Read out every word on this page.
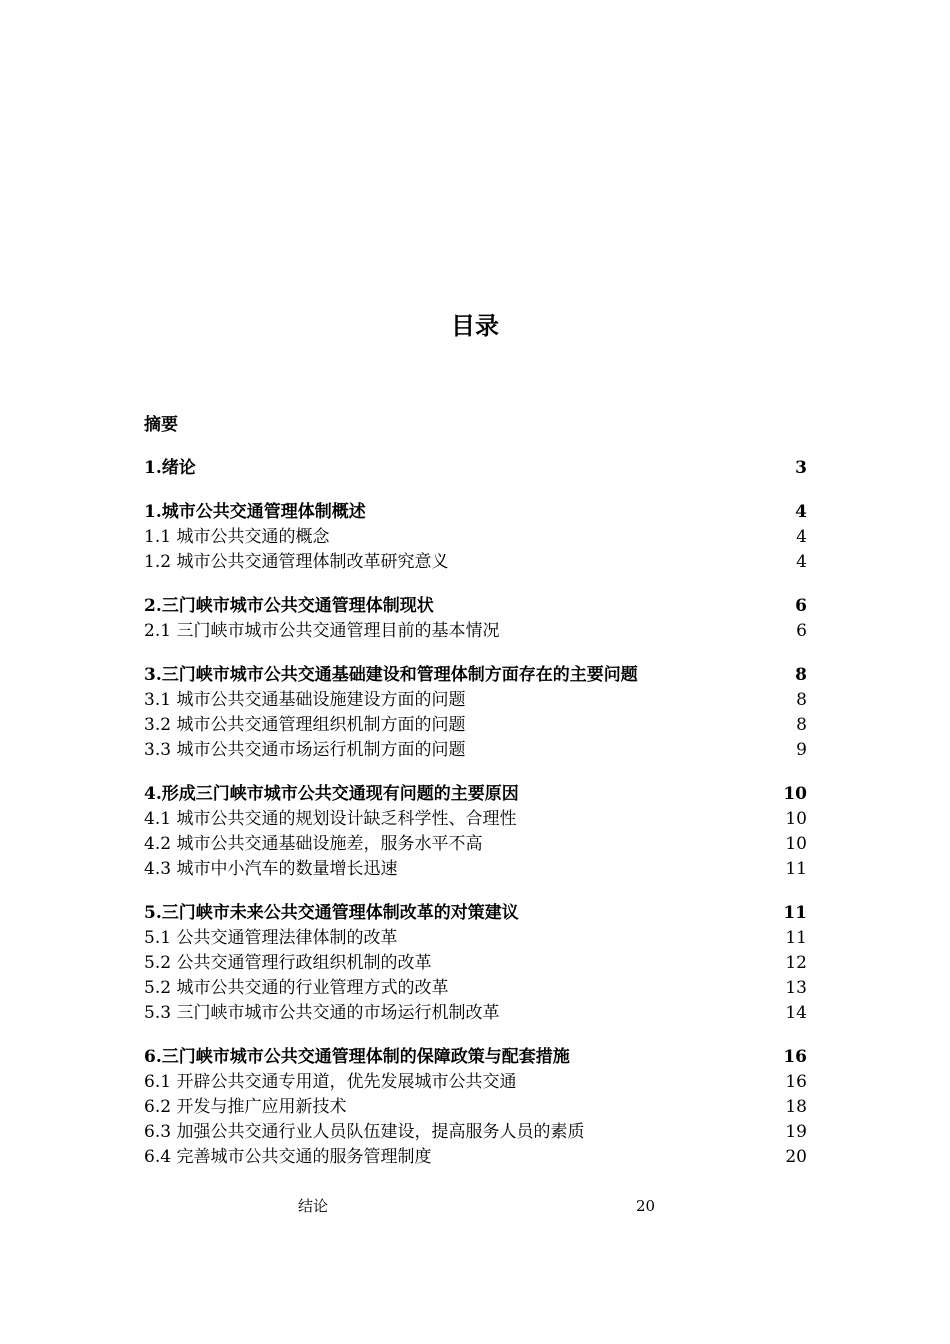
目录
摘要
1.绪论	3
1.城市公共交通管理体制概述	4
1.1 城市公共交通的概念	4
1.2 城市公共交通管理体制改革研究意义	4
2.三门峡市城市公共交通管理体制现状	6
2.1 三门峡市城市公共交通管理目前的基本情况	6
3.三门峡市城市公共交通基础建设和管理体制方面存在的主要问题	8
3.1 城市公共交通基础设施建设方面的问题	8
3.2 城市公共交通管理组织机制方面的问题	8
3.3 城市公共交通市场运行机制方面的问题	9
4.形成三门峡市城市公共交通现有问题的主要原因	10
4.1 城市公共交通的规划设计缺乏科学性、合理性	10
4.2 城市公共交通基础设施差，服务水平不高	10
4.3 城市中小汽车的数量增长迅速	11
5.三门峡市未来公共交通管理体制改革的对策建议	11
5.1 公共交通管理法律体制的改革	11
5.2 公共交通管理行政组织机制的改革	12
5.2 城市公共交通的行业管理方式的改革	13
5.3 三门峡市城市公共交通的市场运行机制改革	14
6.三门峡市城市公共交通管理体制的保障政策与配套措施	16
6.1 开辟公共交通专用道，优先发展城市公共交通	16
6.2 开发与推广应用新技术	18
6.3 加强公共交通行业人员队伍建设，提高服务人员的素质	19
6.4 完善城市公共交通的服务管理制度	20
结论	20
